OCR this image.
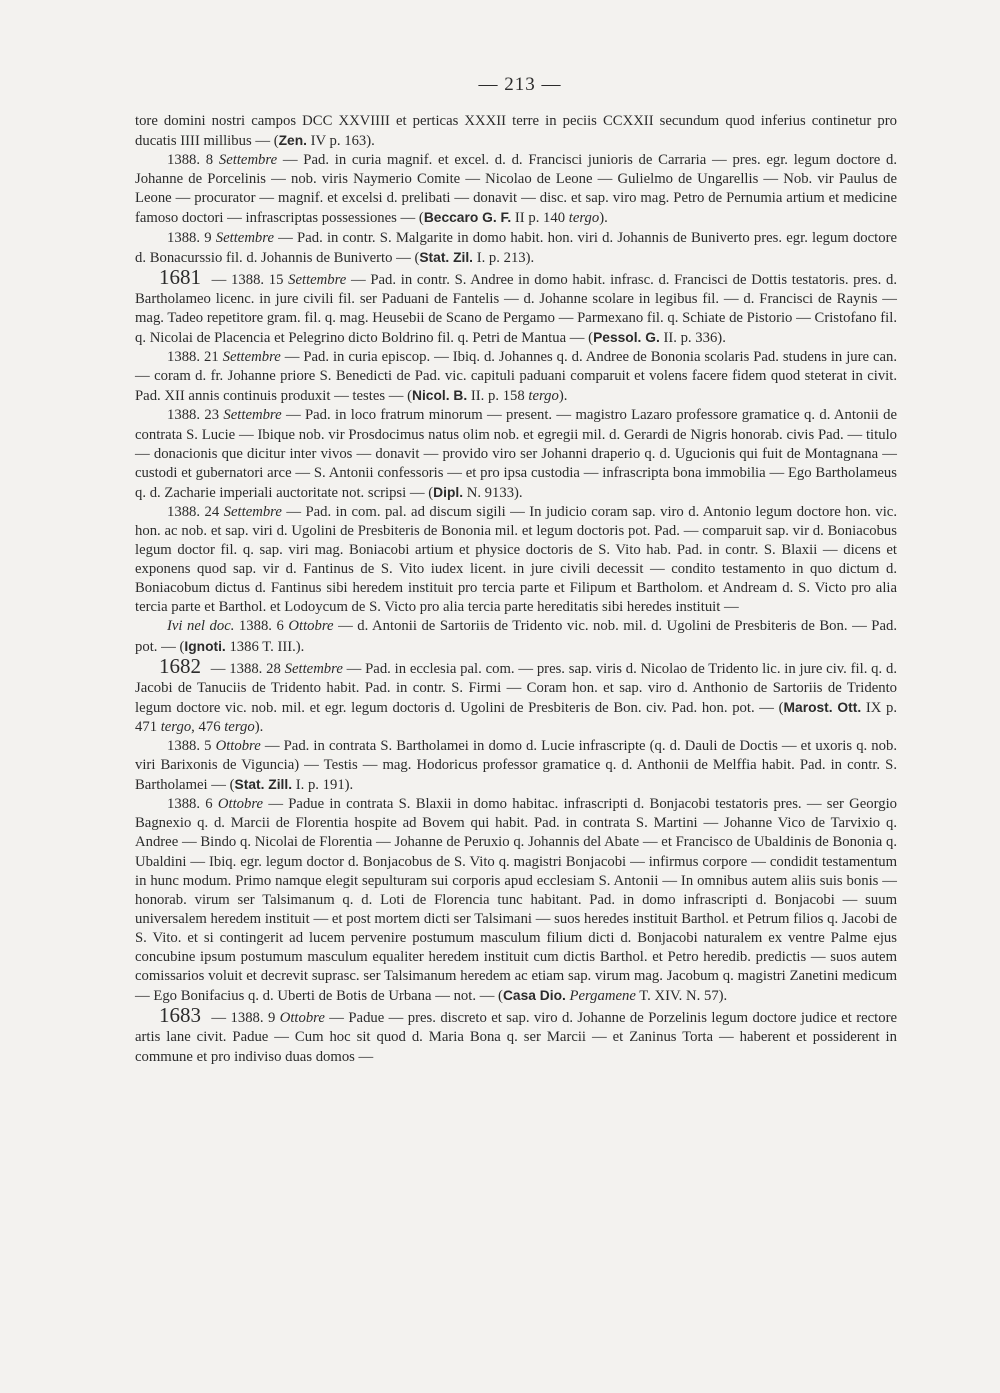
— 213 —

tore domini nostri campos DCC XXVIIII et perticas XXXII terre in peciis CCXXII secundum quod inferius continetur pro ducatis IIII millibus — (Zen. IV p. 163).

1388. 8 Settembre — Pad. in curia magnif. et excel. d. d. Francisci junioris de Carraria — pres. egr. legum doctore d. Johanne de Porcelinis — nob. viris Naymerio Comite — Nicolao de Leone — Gulielmo de Ungarellis — Nob. vir Paulus de Leone — procurator — magnif. et excelsi d. prelibati — donavit — disc. et sap. viro mag. Petro de Pernumia artium et medicine famoso doctori — infrascriptas possessiones — (Beccaro G. F. II p. 140 tergo).

1388. 9 Settembre — Pad. in contr. S. Malgarite in domo habit. hon. viri d. Johannis de Buniverto pres. egr. legum doctore d. Bonacurssio fil. d. Johannis de Buniverto — (Stat. Zil. I. p. 213).

1681 — 1388. 15 Settembre — Pad. in contr. S. Andree in domo habit. infrasc. d. Francisci de Dottis testatoris. pres. d. Bartholameo licenc. in jure civili fil. ser Paduani de Fantelis — d. Johanne scolare in legibus fil. — d. Francisci de Raynis — mag. Tadeo repetitore gram. fil. q. mag. Heusebii de Scano de Pergamo — Parmexano fil. q. Schiate de Pistorio — Cristofano fil. q. Nicolai de Placencia et Pelegrino dicto Boldrino fil. q. Petri de Mantua — (Pessol. G. II. p. 336).

1388. 21 Settembre — Pad. in curia episcop. — Ibiq. d. Johannes q. d. Andree de Bononia scolaris Pad. studens in jure can. — coram d. fr. Johanne priore S. Benedicti de Pad. vic. capituli paduani comparuit et volens facere fidem quod steterat in civit. Pad. XII annis continuis produxit — testes — (Nicol. B. II. p. 158 tergo).

1388. 23 Settembre — Pad. in loco fratrum minorum — present. — magistro Lazaro professore gramatice q. d. Antonii de contrata S. Lucie — Ibique nob. vir Prosdocimus natus olim nob. et egregii mil. d. Gerardi de Nigris honorab. civis Pad. — titulo — donacionis que dicitur inter vivos — donavit — provido viro ser Johanni draperio q. d. Ugucionis qui fuit de Montagnana — custodi et gubernatori arce — S. Antonii confessoris — et pro ipsa custodia — infrascripta bona immobilia — Ego Bartholameus q. d. Zacharie imperiali auctoritate not. scripsi — (Dipl. N. 9133).

1388. 24 Settembre — Pad. in com. pal. ad discum sigili — In judicio coram sap. viro d. Antonio legum doctore hon. vic. hon. ac nob. et sap. viri d. Ugolini de Presbiteris de Bononia mil. et legum doctoris pot. Pad. — comparuit sap. vir d. Boniacobus legum doctor fil. q. sap. viri mag. Boniacobi artium et physice doctoris de S. Vito hab. Pad. in contr. S. Blaxii — dicens et exponens quod sap. vir d. Fantinus de S. Vito iudex licent. in jure civili decessit — condito testamento in quo dictum d. Boniacobum dictus d. Fantinus sibi heredem instituit pro tercia parte et Filipum et Bartholom. et Andream d. S. Victo pro alia tercia parte et Barthol. et Lodoycum de S. Victo pro alia tercia parte hereditatis sibi heredes instituit —

Ivi nel doc. 1388. 6 Ottobre — d. Antonii de Sartoriis de Tridento vic. nob. mil. d. Ugolini de Presbiteris de Bon. — Pad. pot. — (Ignoti. 1386 T. III.).

1682 — 1388. 28 Settembre — Pad. in ecclesia pal. com. — pres. sap. viris d. Nicolao de Tridento lic. in jure civ. fil. q. d. Jacobi de Tanuciis de Tridento habit. Pad. in contr. S. Firmi — Coram hon. et sap. viro d. Anthonio de Sartoriis de Tridento legum doctore vic. nob. mil. et egr. legum doctoris d. Ugolini de Presbiteris de Bon. civ. Pad. hon. pot. — (Marost. Ott. IX p. 471 tergo, 476 tergo).

1388. 5 Ottobre — Pad. in contrata S. Bartholamei in domo d. Lucie infrascripte (q. d. Dauli de Doctis — et uxoris q. nob. viri Barixonis de Viguncia) — Testis — mag. Hodoricus professor gramatice q. d. Anthonii de Melffia habit. Pad. in contr. S. Bartholamei — (Stat. Zill. I. p. 191).

1388. 6 Ottobre — Padue in contrata S. Blaxii in domo habitac. infrascripti d. Bonjacobi testatoris pres. — ser Georgio Bagnexio q. d. Marcii de Florentia hospite ad Bovem qui habit. Pad. in contrata S. Martini — Johanne Vico de Tarvixio q. Andree — Bindo q. Nicolai de Florentia — Johanne de Peruxio q. Johannis del Abate — et Francisco de Ubaldinis de Bononia q. Ubaldini — Ibiq. egr. legum doctor d. Bonjacobus de S. Vito q. magistri Bonjacobi — infirmus corpore — condidit testamentum in hunc modum. Primo namque elegit sepulturam sui corporis apud ecclesiam S. Antonii — In omnibus autem aliis suis bonis — honorab. virum ser Talsimanum q. d. Loti de Florencia tunc habitant. Pad. in domo infrascripti d. Bonjacobi — suum universalem heredem instituit — et post mortem dicti ser Talsimani — suos heredes instituit Barthol. et Petrum filios q. Jacobi de S. Vito. et si contingerit ad lucem pervenire postumum masculum filium dicti d. Bonjacobi naturalem ex ventre Palme ejus concubine ipsum postumum masculum equaliter heredem instituit cum dictis Barthol. et Petro heredib. predictis — suos autem comissarios voluit et decrevit suprasc. ser Talsimanum heredem ac etiam sap. virum mag. Jacobum q. magistri Zanetini medicum — Ego Bonifacius q. d. Uberti de Botis de Urbana — not. — (Casa Dio. Pergamene T. XIV. N. 57).

1683 — 1388. 9 Ottobre — Padue — pres. discreto et sap. viro d. Johanne de Porzelinis legum doctore judice et rectore artis lane civit. Padue — Cum hoc sit quod d. Maria Bona q. ser Marcii — et Zaninus Torta — haberent et possiderent in commune et pro indiviso duas domos —
